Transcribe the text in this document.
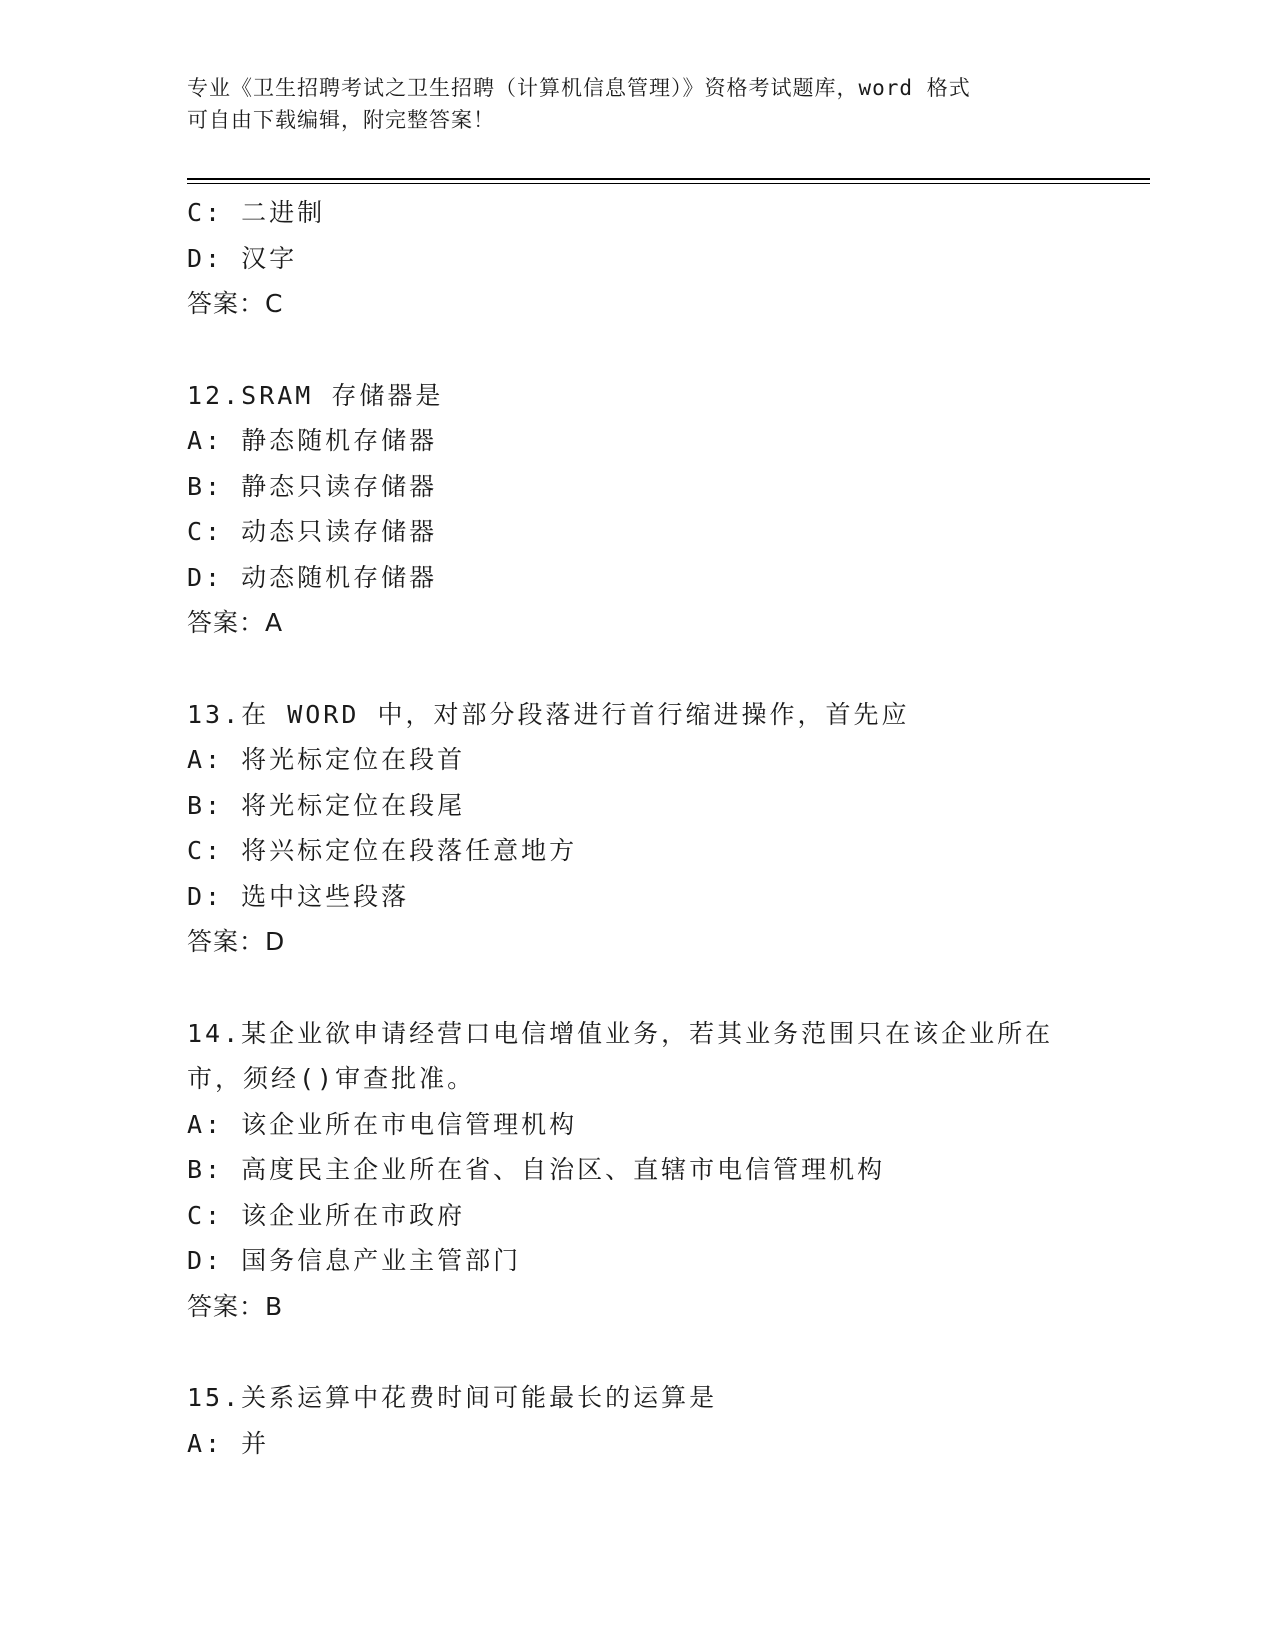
专业《卫生招聘考试之卫生招聘（计算机信息管理）》资格考试题库，word 格式
可自由下载编辑，附完整答案！
C: 二进制
D: 汉字
答案：C
12.SRAM 存储器是
A: 静态随机存储器
B: 静态只读存储器
C: 动态只读存储器
D: 动态随机存储器
答案：A
13.在 WORD 中，对部分段落进行首行缩进操作，首先应
A: 将光标定位在段首
B: 将光标定位在段尾
C: 将兴标定位在段落任意地方
D: 选中这些段落
答案：D
14.某企业欲申请经营口电信增值业务，若其业务范围只在该企业所在
市，须经()审查批准。
A: 该企业所在市电信管理机构
B: 高度民主企业所在省、自治区、直辖市电信管理机构
C: 该企业所在市政府
D: 国务信息产业主管部门
答案：B
15.关系运算中花费时间可能最长的运算是
A: 并
